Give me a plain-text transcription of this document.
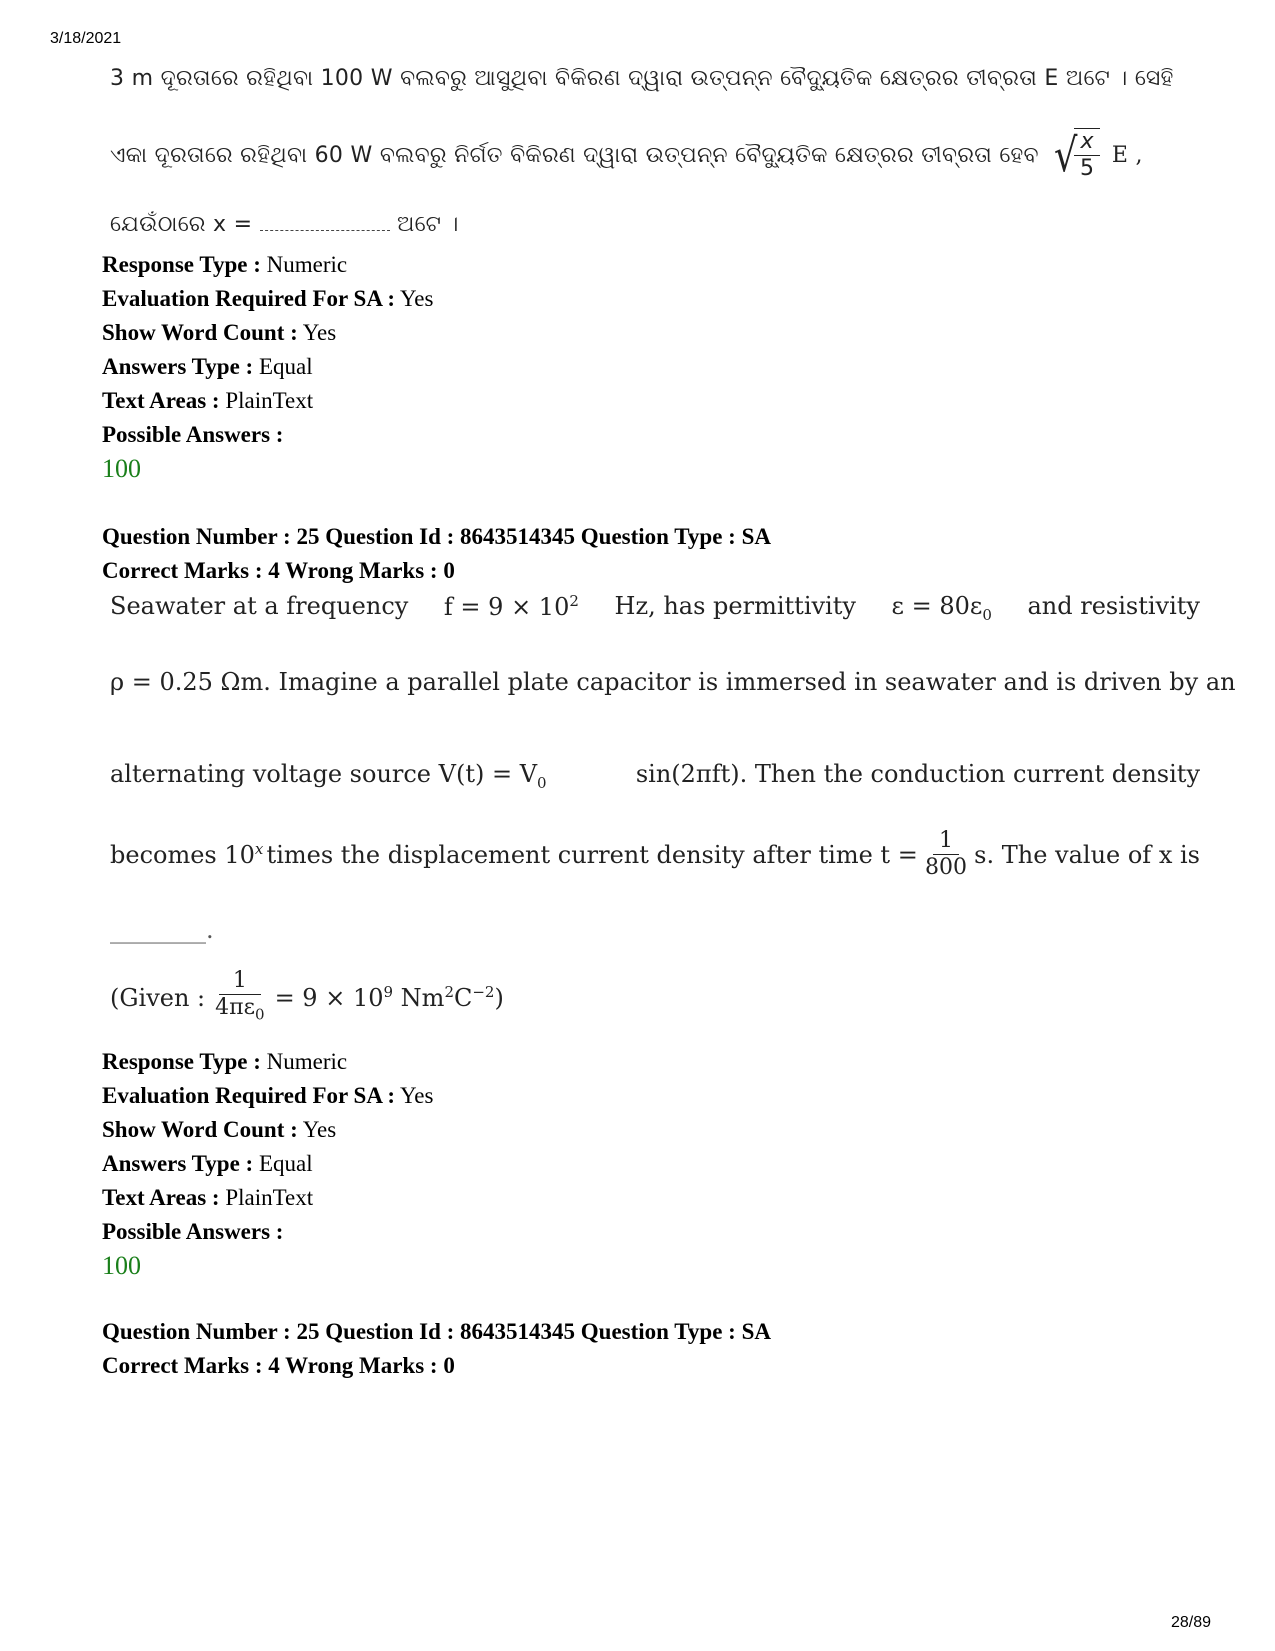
3/18/2021
3 m ଦୂରତାରେ ରହିଥିବା 100 W ବଲବରୁ ଆସୁଥିବା ବିକିରଣ ଦ୍ୱାରା ଉତ୍ପନ୍ନ ବୈଦ୍ୟୁତିକ କ୍ଷେତ୍ରର ତୀବ୍ରତା E ଅଟେ । ସେହି
ଏକା ଦୂରତାରେ ରହିଥିବା 60 W ବଲବରୁ ନିର୍ଗତ ବିକିରଣ ଦ୍ୱାରା ଉତ୍ପନ୍ନ ବୈଦ୍ୟୁତିକ କ୍ଷେତ୍ରର ତୀବ୍ରତା ହେବ √
$\frac{x}{5}$ E ,
ଯେଉଁଠାରେ x =	ଅଟେ ।
Response Type : Numeric
Evaluation Required For SA : Yes
Show Word Count : Yes
Answers Type : Equal
Text Areas : PlainText
Possible Answers :
100
Question Number : 25 Question Id : 8643514345 Question Type : SA
Correct Marks : 4 Wrong Marks : 0
Seawater at a frequency $f = 9 \times 10^2$ Hz, has permittivity $\varepsilon = 80\varepsilon_0$ and resistivity
ρ = 0.25 Ωm. Imagine a parallel plate capacitor is immersed in seawater and is driven by an
alternating voltage source $V(t) = V_0$	sin(2πft). Then the conduction current density
becomes 10$^x$ times the displacement current density after time $t = \frac{1}{800} s$. The value of x is
________.
(Given : $\frac{1}{4\pi\varepsilon_0} = 9 \times 10^9$ $Nm^2C^{-2}$)
Response Type : Numeric
Evaluation Required For SA : Yes
Show Word Count : Yes
Answers Type : Equal
Text Areas : PlainText
Possible Answers :
100
Question Number : 25 Question Id : 8643514345 Question Type : SA
Correct Marks : 4 Wrong Marks : 0
28/89
